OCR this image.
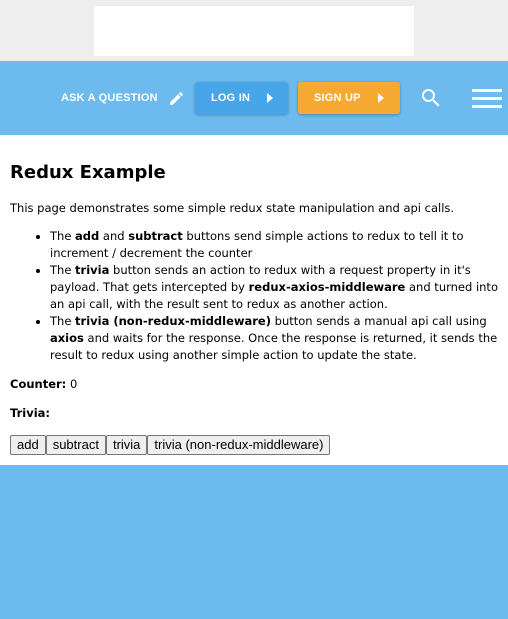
ASK A QUESTION	LOG IN	SIGN UP
Redux Example

This page demonstrates some simple redux state manipulation and api calls.

• The add and subtract buttons send simple actions to redux to tell it to increment / decrement the counter
• The trivia button sends an action to redux with a request property in it's payload. That gets intercepted by redux-axios-middleware and turned into an api call, with the result sent to redux as another action.
• The trivia (non-redux-middleware) button sends a manual api call using axios and waits for the response. Once the response is returned, it sends the result to redux using another simple action to update the state.

Counter: 0

Trivia:

add	subtract	trivia	trivia (non-redux-middleware)
